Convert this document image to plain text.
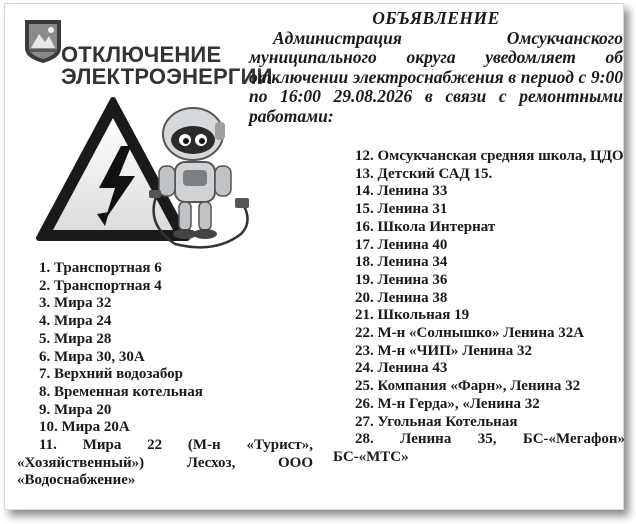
ОТКЛЮЧЕНИЕ
ЭЛЕКТРОЭНЕРГИИ
ОБЪЯВЛЕНИЕ

Администрация Омсукчанского муниципального округа уведомляет об отключении электроснабжения в период с 9:00 по 16:00 29.08.2026 в связи с ремонтными работами:

1. Транспортная 6
2. Транспортная 4
3. Мира 32
4. Мира 24
5. Мира 28
6. Мира 30, 30А
7. Верхний водозабор
8. Временная котельная
9. Мира 20
10. Мира 20А
11. Мира 22 (М-н «Турист», «Хозяйственный») Лесхоз, ООО «Водоснабжение»
12. Омсукчанская средняя школа, ЦДО
13. Детский САД 15.
14. Ленина 33
15. Ленина 31
16. Школа Интернат
17. Ленина 40
18. Ленина 34
19. Ленина 36
20. Ленина 38
21. Школьная 19
22. М-н «Солнышко» Ленина 32А
23. М-н «ЧИП» Ленина 32
24. Ленина 43
25. Компания «Фарн», Ленина 32
26. М-н Герда», «Ленина 32
27. Угольная Котельная
28. Ленина 35, БС-«Мегафон» БС-«МТС»
